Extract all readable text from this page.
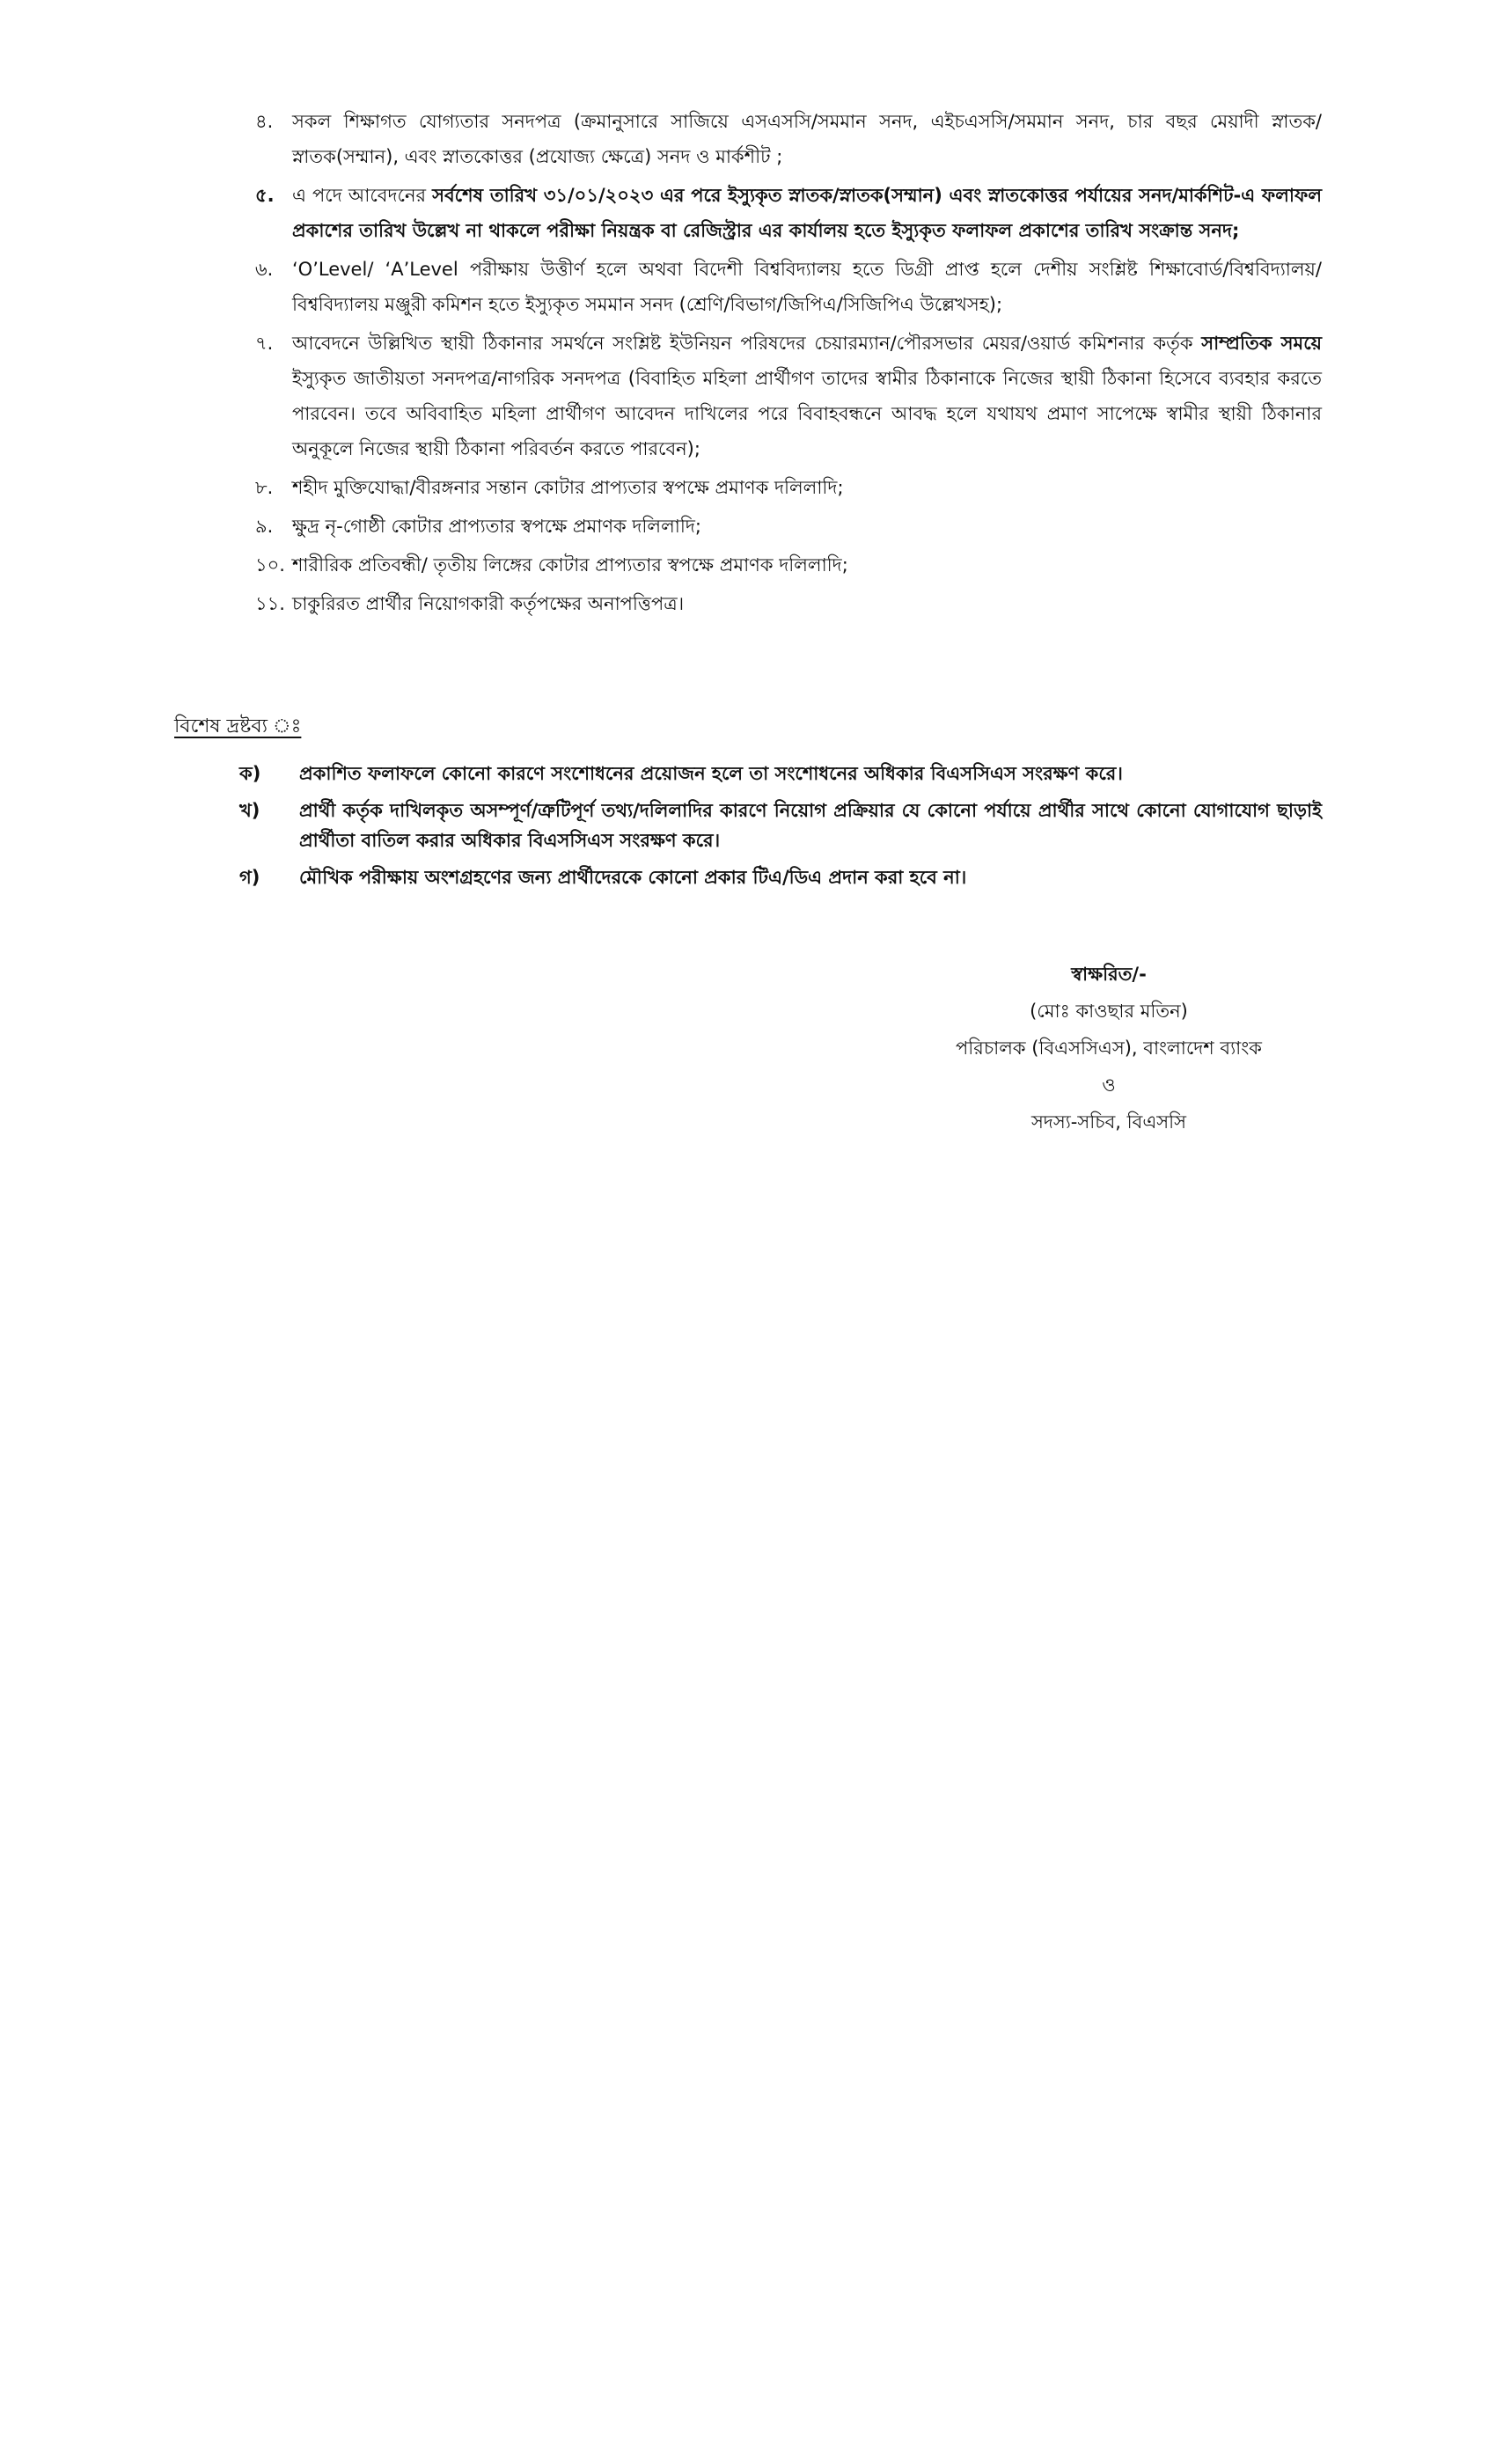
৪.	সকল শিক্ষাগত যোগ্যতার সনদপত্র (ক্রমানুসারে সাজিয়ে এসএসসি/সমমান সনদ, এইচএসসি/সমমান সনদ, চার বছর মেয়াদী স্নাতক/স্নাতক(সম্মান), এবং স্নাতকোত্তর (প্রযোজ্য ক্ষেত্রে) সনদ ও মার্কশীট ;
৫. এ পদে আবেদনের সর্বশেষ তারিখ ৩১/০১/২০২৩ এর পরে ইস্যুকৃত স্নাতক/স্নাতক(সম্মান) এবং স্নাতকোত্তর পর্যায়ের সনদ/মার্কশিট-এ ফলাফল প্রকাশের তারিখ উল্লেখ না থাকলে পরীক্ষা নিয়ন্ত্রক বা রেজিস্ট্রার এর কার্যালয় হতে ইস্যুকৃত ফলাফল প্রকাশের তারিখ সংক্রান্ত সনদ;
৬.	‘O’Level/ ‘A’Level পরীক্ষায় উত্তীর্ণ হলে অথবা বিদেশী বিশ্ববিদ্যালয় হতে ডিগ্রী প্রাপ্ত হলে দেশীয় সংশ্লিষ্ট শিক্ষাবোর্ড/বিশ্ববিদ্যালয়/বিশ্ববিদ্যালয় মঞ্জুরী কমিশন হতে ইস্যুকৃত সমমান সনদ (শ্রেণি/বিভাগ/জিপিএ/সিজিপিএ উল্লেখসহ);
৭.	আবেদনে উল্লিখিত স্থায়ী ঠিকানার সমর্থনে সংশ্লিষ্ট ইউনিয়ন পরিষদের চেয়ারম্যান/পৌরসভার মেয়র/ওয়ার্ড কমিশনার কর্তৃক সাম্প্রতিক সময়ে ইস্যুকৃত জাতীয়তা সনদপত্র/নাগরিক সনদপত্র (বিবাহিত মহিলা প্রার্থীগণ তাদের স্বামীর ঠিকানাকে নিজের স্থায়ী ঠিকানা হিসেবে ব্যবহার করতে পারবেন। তবে অবিবাহিত মহিলা প্রার্থীগণ আবেদন দাখিলের পরে বিবাহবন্ধনে আবদ্ধ হলে যথাযথ প্রমাণ সাপেক্ষে স্বামীর স্থায়ী ঠিকানার অনুকূলে নিজের স্থায়ী ঠিকানা পরিবর্তন করতে পারবেন);
৮.	শহীদ মুক্তিযোদ্ধা/বীরঙ্গনার সন্তান কোটার প্রাপ্যতার স্বপক্ষে প্রমাণক দলিলাদি;
৯.	ক্ষুদ্র নৃ-গোষ্ঠী কোটার প্রাপ্যতার স্বপক্ষে প্রমাণক দলিলাদি;
১০. শারীরিক প্রতিবন্ধী/ তৃতীয় লিঙ্গের কোটার প্রাপ্যতার স্বপক্ষে প্রমাণক দলিলাদি;
১১. চাকুরিরত প্রার্থীর নিয়োগকারী কর্তৃপক্ষের অনাপত্তিপত্র।
বিশেষ দ্রষ্টব্য ঃ
ক)	প্রকাশিত ফলাফলে কোনো কারণে সংশোধনের প্রয়োজন হলে তা সংশোধনের অধিকার বিএসসিএস সংরক্ষণ করে।
খ)	প্রার্থী কর্তৃক দাখিলকৃত অসম্পূর্ণ/ত্রুটিপূর্ণ তথ্য/দলিলাদির কারণে নিয়োগ প্রক্রিয়ার যে কোনো পর্যায়ে প্রার্থীর সাথে কোনো যোগাযোগ ছাড়াই প্রার্থীতা বাতিল করার অধিকার বিএসসিএস সংরক্ষণ করে।
গ)	মৌখিক পরীক্ষায় অংশগ্রহণের জন্য প্রার্থীদেরকে কোনো প্রকার টিএ/ডিএ প্রদান করা হবে না।
স্বাক্ষরিত/-
(মোঃ কাওছার মতিন)
পরিচালক (বিএসসিএস), বাংলাদেশ ব্যাংক
ও
সদস্য-সচিব, বিএসসি
